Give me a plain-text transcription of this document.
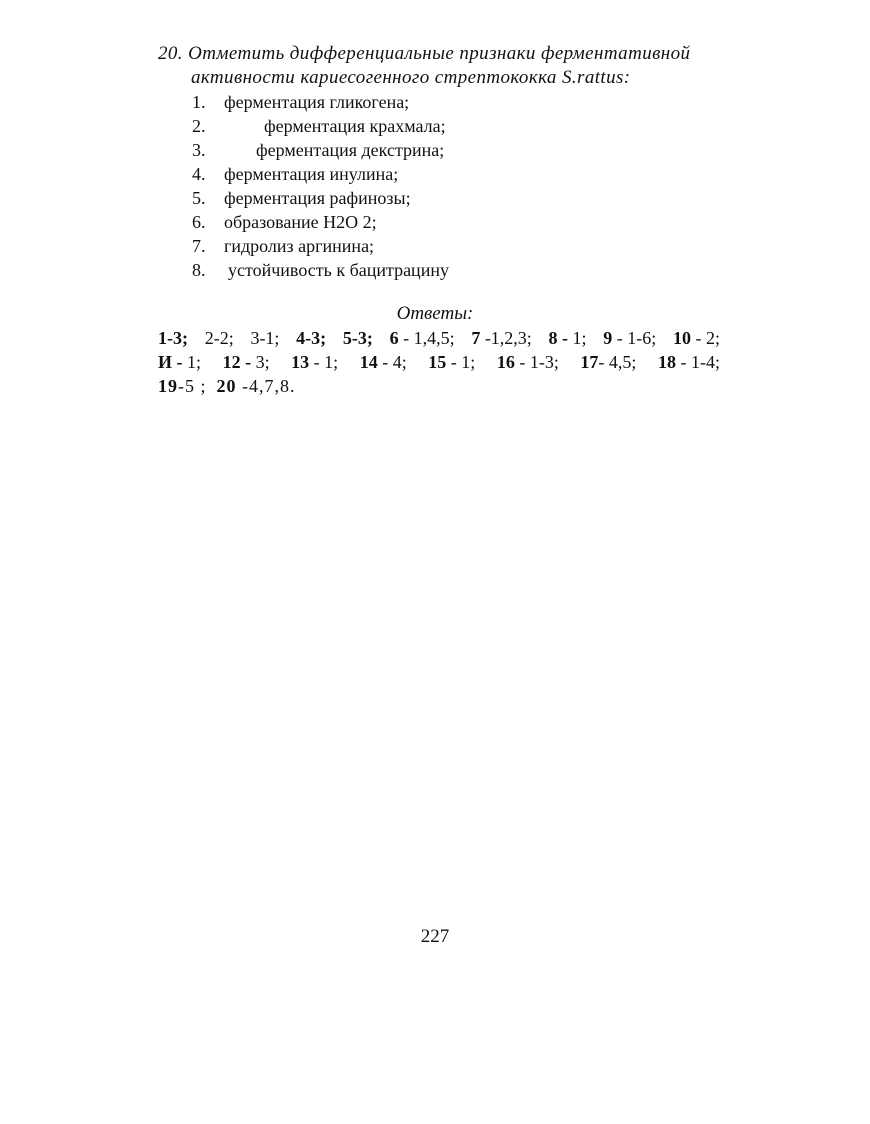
20. Отметить дифференциальные признаки ферментативной
активности кариесогенного стрептококка S.rattus:
1. ферментация гликогена;
2.	ферментация крахмала;
3.	ферментация декстрина;
4. ферментация инулина;
5. ферментация рафинозы;
6. образование Н2О 2;
7. гидролиз аргинина;
8. устойчивость к бацитрацину
Ответы:
1-3; 2-2; 3-1; 4-3; 5-3; 6 - 1,4,5; 7 -1,2,3; 8 - 1; 9 - 1-6; 10 - 2;
И - 1; 12 - 3; 13 - 1; 14 - 4; 15 - 1; 16 - 1-3; 17- 4,5; 18 - 1-4;
19-5 ; 20 -4,7,8.
227
